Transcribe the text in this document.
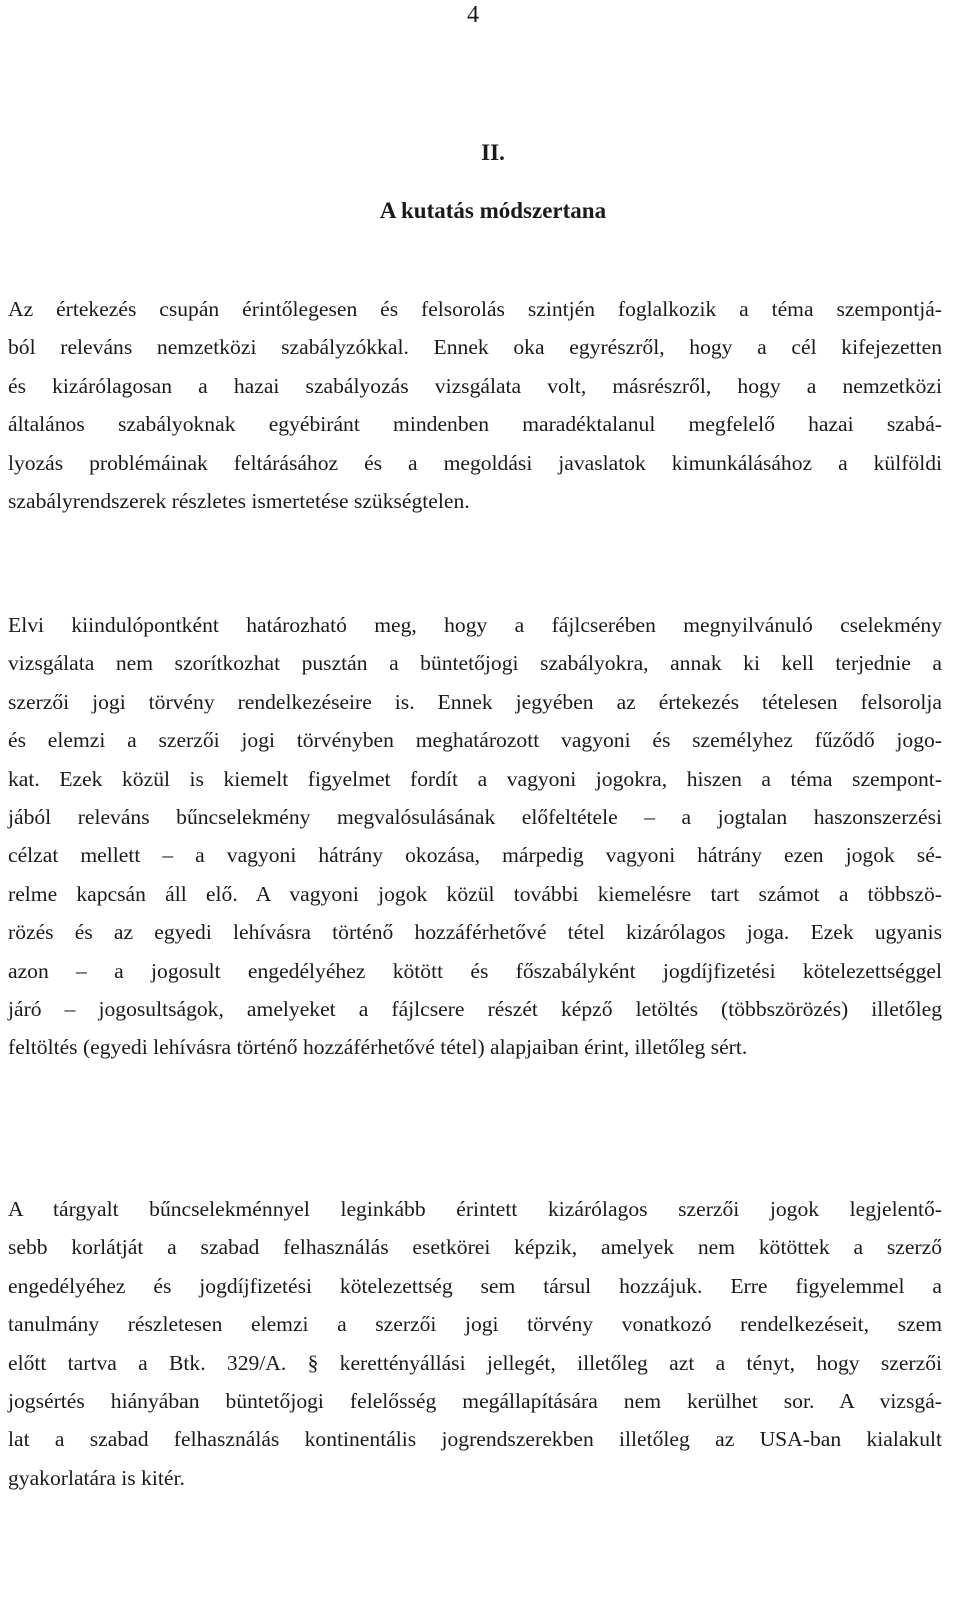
4
II.
A kutatás módszertana

Az értekezés csupán érintőlegesen és felsorolás szintjén foglalkozik a téma szempontjá-
ból releváns nemzetközi szabályzókkal. Ennek oka egyrészről, hogy a cél kifejezetten
és kizárólagosan a hazai szabályozás vizsgálata volt, másrészről, hogy a nemzetközi
általános szabályoknak egyébiránt mindenben maradéktalanul megfelelő hazai szabá-
lyozás problémáinak feltárásához és a megoldási javaslatok kimunkálásához a külföldi
szabályrendszerek részletes ismertetése szükségtelen.

Elvi kiindulópontként határozható meg, hogy a fájlcserében megnyilvánuló cselekmény
vizsgálata nem szorítkozhat pusztán a büntetőjogi szabályokra, annak ki kell terjednie a
szerzői jogi törvény rendelkezéseire is. Ennek jegyében az értekezés tételesen felsorolja
és elemzi a szerzői jogi törvényben meghatározott vagyoni és személyhez fűződő jogo-
kat. Ezek közül is kiemelt figyelmet fordít a vagyoni jogokra, hiszen a téma szempont-
jából releváns bűncselekmény megvalósulásának előfeltétele – a jogtalan haszonszerzési
célzat mellett – a vagyoni hátrány okozása, márpedig vagyoni hátrány ezen jogok sé-
relme kapcsán áll elő. A vagyoni jogok közül további kiemelésre tart számot a többszö-
rözés és az egyedi lehívásra történő hozzáférhetővé tétel kizárólagos joga. Ezek ugyanis
azon – a jogosult engedélyéhez kötött és főszabályként jogdíjfizetési kötelezettséggel
járó – jogosultságok, amelyeket a fájlcsere részét képző letöltés (többszörözés) illetőleg
feltöltés (egyedi lehívásra történő hozzáférhetővé tétel) alapjaiban érint, illetőleg sért.

A tárgyalt bűncselekménnyel leginkább érintett kizárólagos szerzői jogok legjelentő-
sebb korlátját a szabad felhasználás esetkörei képzik, amelyek nem kötöttek a szerző
engedélyéhez és jogdíjfizetési kötelezettség sem társul hozzájuk. Erre figyelemmel a
tanulmány részletesen elemzi a szerzői jogi törvény vonatkozó rendelkezéseit, szem
előtt tartva a Btk. 329/A. § kerettényállási jellegét, illetőleg azt a tényt, hogy szerzői
jogsértés hiányában büntetőjogi felelősség megállapítására nem kerülhet sor. A vizsgá-
lat a szabad felhasználás kontinentális jogrendszerekben illetőleg az USA-ban kialakult
gyakorlatára is kitér.
